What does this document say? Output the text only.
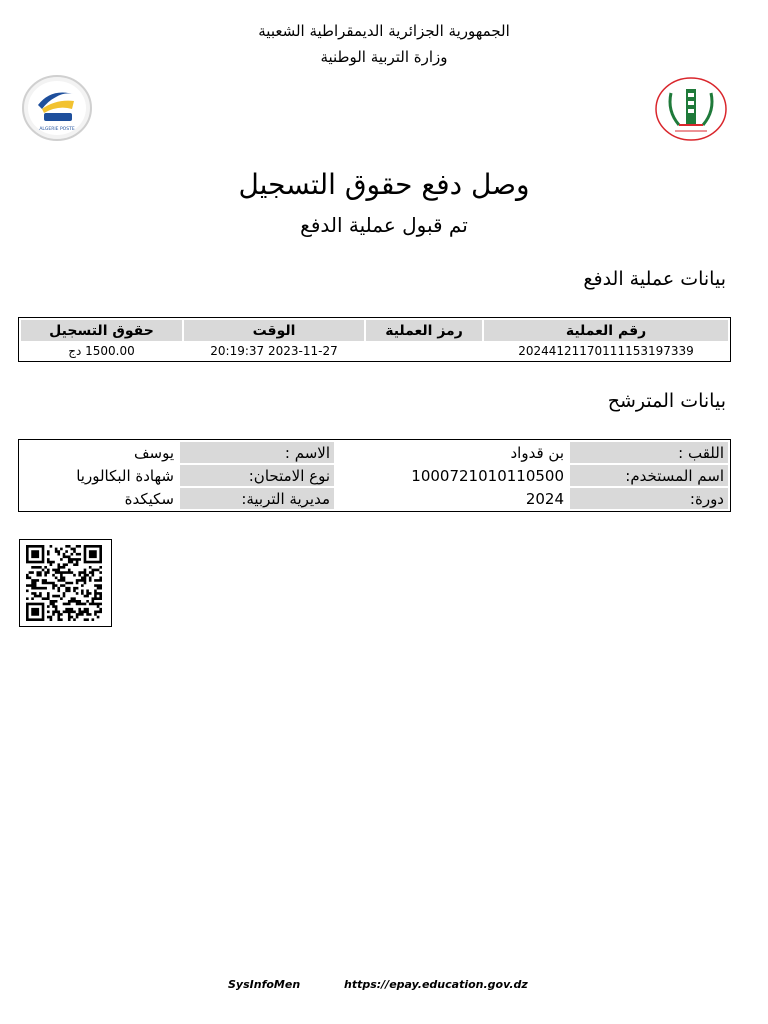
الجمهورية الجزائرية الديمقراطية الشعبية
وزارة التربية الوطنية
ALGERIE POSTE
وصل دفع حقوق التسجيل
تم قبول عملية الدفع
بيانات عملية الدفع
رقم العملية	رمز العملية	الوقت	حقوق التسجيل
20244121170111153197339		2023-11-27 20:19:37	1500.00 دج
بيانات المترشح
اللقب :	بن قدواد	الاسم :	يوسف
اسم المستخدم:	1000721010110500	نوع الامتحان:	شهادة البكالوريا
دورة:	2024	مديرية التربية:	سكيكدة
SysInfoMen	https://epay.education.gov.dz
